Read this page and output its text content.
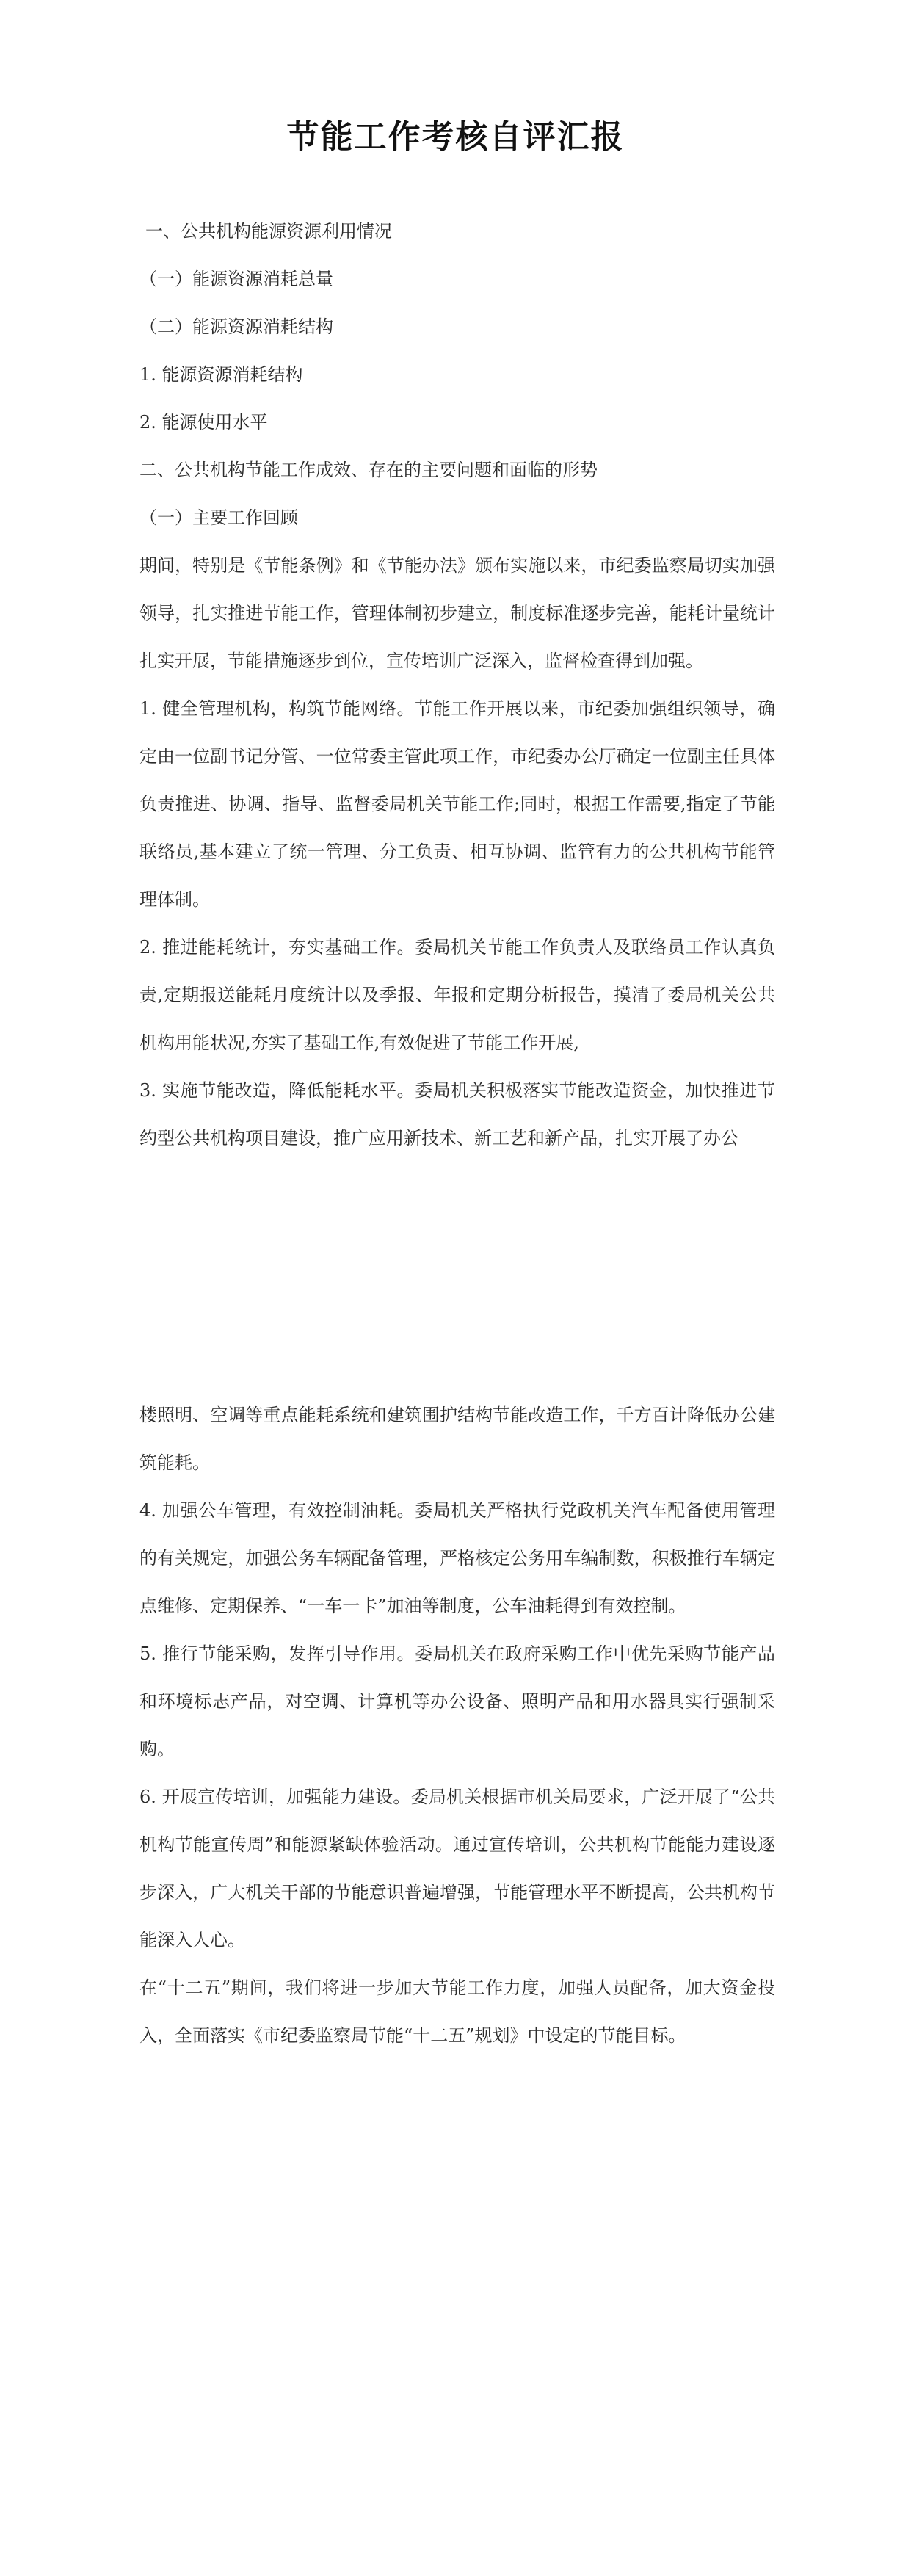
节能工作考核自评汇报

一、公共机构能源资源利用情况

（一）能源资源消耗总量

（二）能源资源消耗结构

1. 能源资源消耗结构

2. 能源使用水平

二、公共机构节能工作成效、存在的主要问题和面临的形势

（一）主要工作回顾

期间，特别是《节能条例》和《节能办法》颁布实施以来，市纪委监察局切实加强领导，扎实推进节能工作，管理体制初步建立，制度标准逐步完善，能耗计量统计扎实开展，节能措施逐步到位，宣传培训广泛深入，监督检查得到加强。

1. 健全管理机构，构筑节能网络。节能工作开展以来，市纪委加强组织领导，确定由一位副书记分管、一位常委主管此项工作，市纪委办公厅确定一位副主任具体负责推进、协调、指导、监督委局机关节能工作;同时，根据工作需要,指定了节能联络员,基本建立了统一管理、分工负责、相互协调、监管有力的公共机构节能管理体制。

2. 推进能耗统计，夯实基础工作。委局机关节能工作负责人及联络员工作认真负责,定期报送能耗月度统计以及季报、年报和定期分析报告，摸清了委局机关公共机构用能状况,夯实了基础工作,有效促进了节能工作开展,

3. 实施节能改造，降低能耗水平。委局机关积极落实节能改造资金，加快推进节约型公共机构项目建设，推广应用新技术、新工艺和新产品，扎实开展了办公

楼照明、空调等重点能耗系统和建筑围护结构节能改造工作，千方百计降低办公建筑能耗。

4. 加强公车管理，有效控制油耗。委局机关严格执行党政机关汽车配备使用管理的有关规定，加强公务车辆配备管理，严格核定公务用车编制数，积极推行车辆定点维修、定期保养、“一车一卡”加油等制度，公车油耗得到有效控制。

5. 推行节能采购，发挥引导作用。委局机关在政府采购工作中优先采购节能产品和环境标志产品，对空调、计算机等办公设备、照明产品和用水器具实行强制采购。

6. 开展宣传培训，加强能力建设。委局机关根据市机关局要求，广泛开展了“公共机构节能宣传周”和能源紧缺体验活动。通过宣传培训，公共机构节能能力建设逐步深入，广大机关干部的节能意识普遍增强，节能管理水平不断提高，公共机构节能深入人心。

在“十二五”期间，我们将进一步加大节能工作力度，加强人员配备，加大资金投入，全面落实《市纪委监察局节能“十二五”规划》中设定的节能目标。
